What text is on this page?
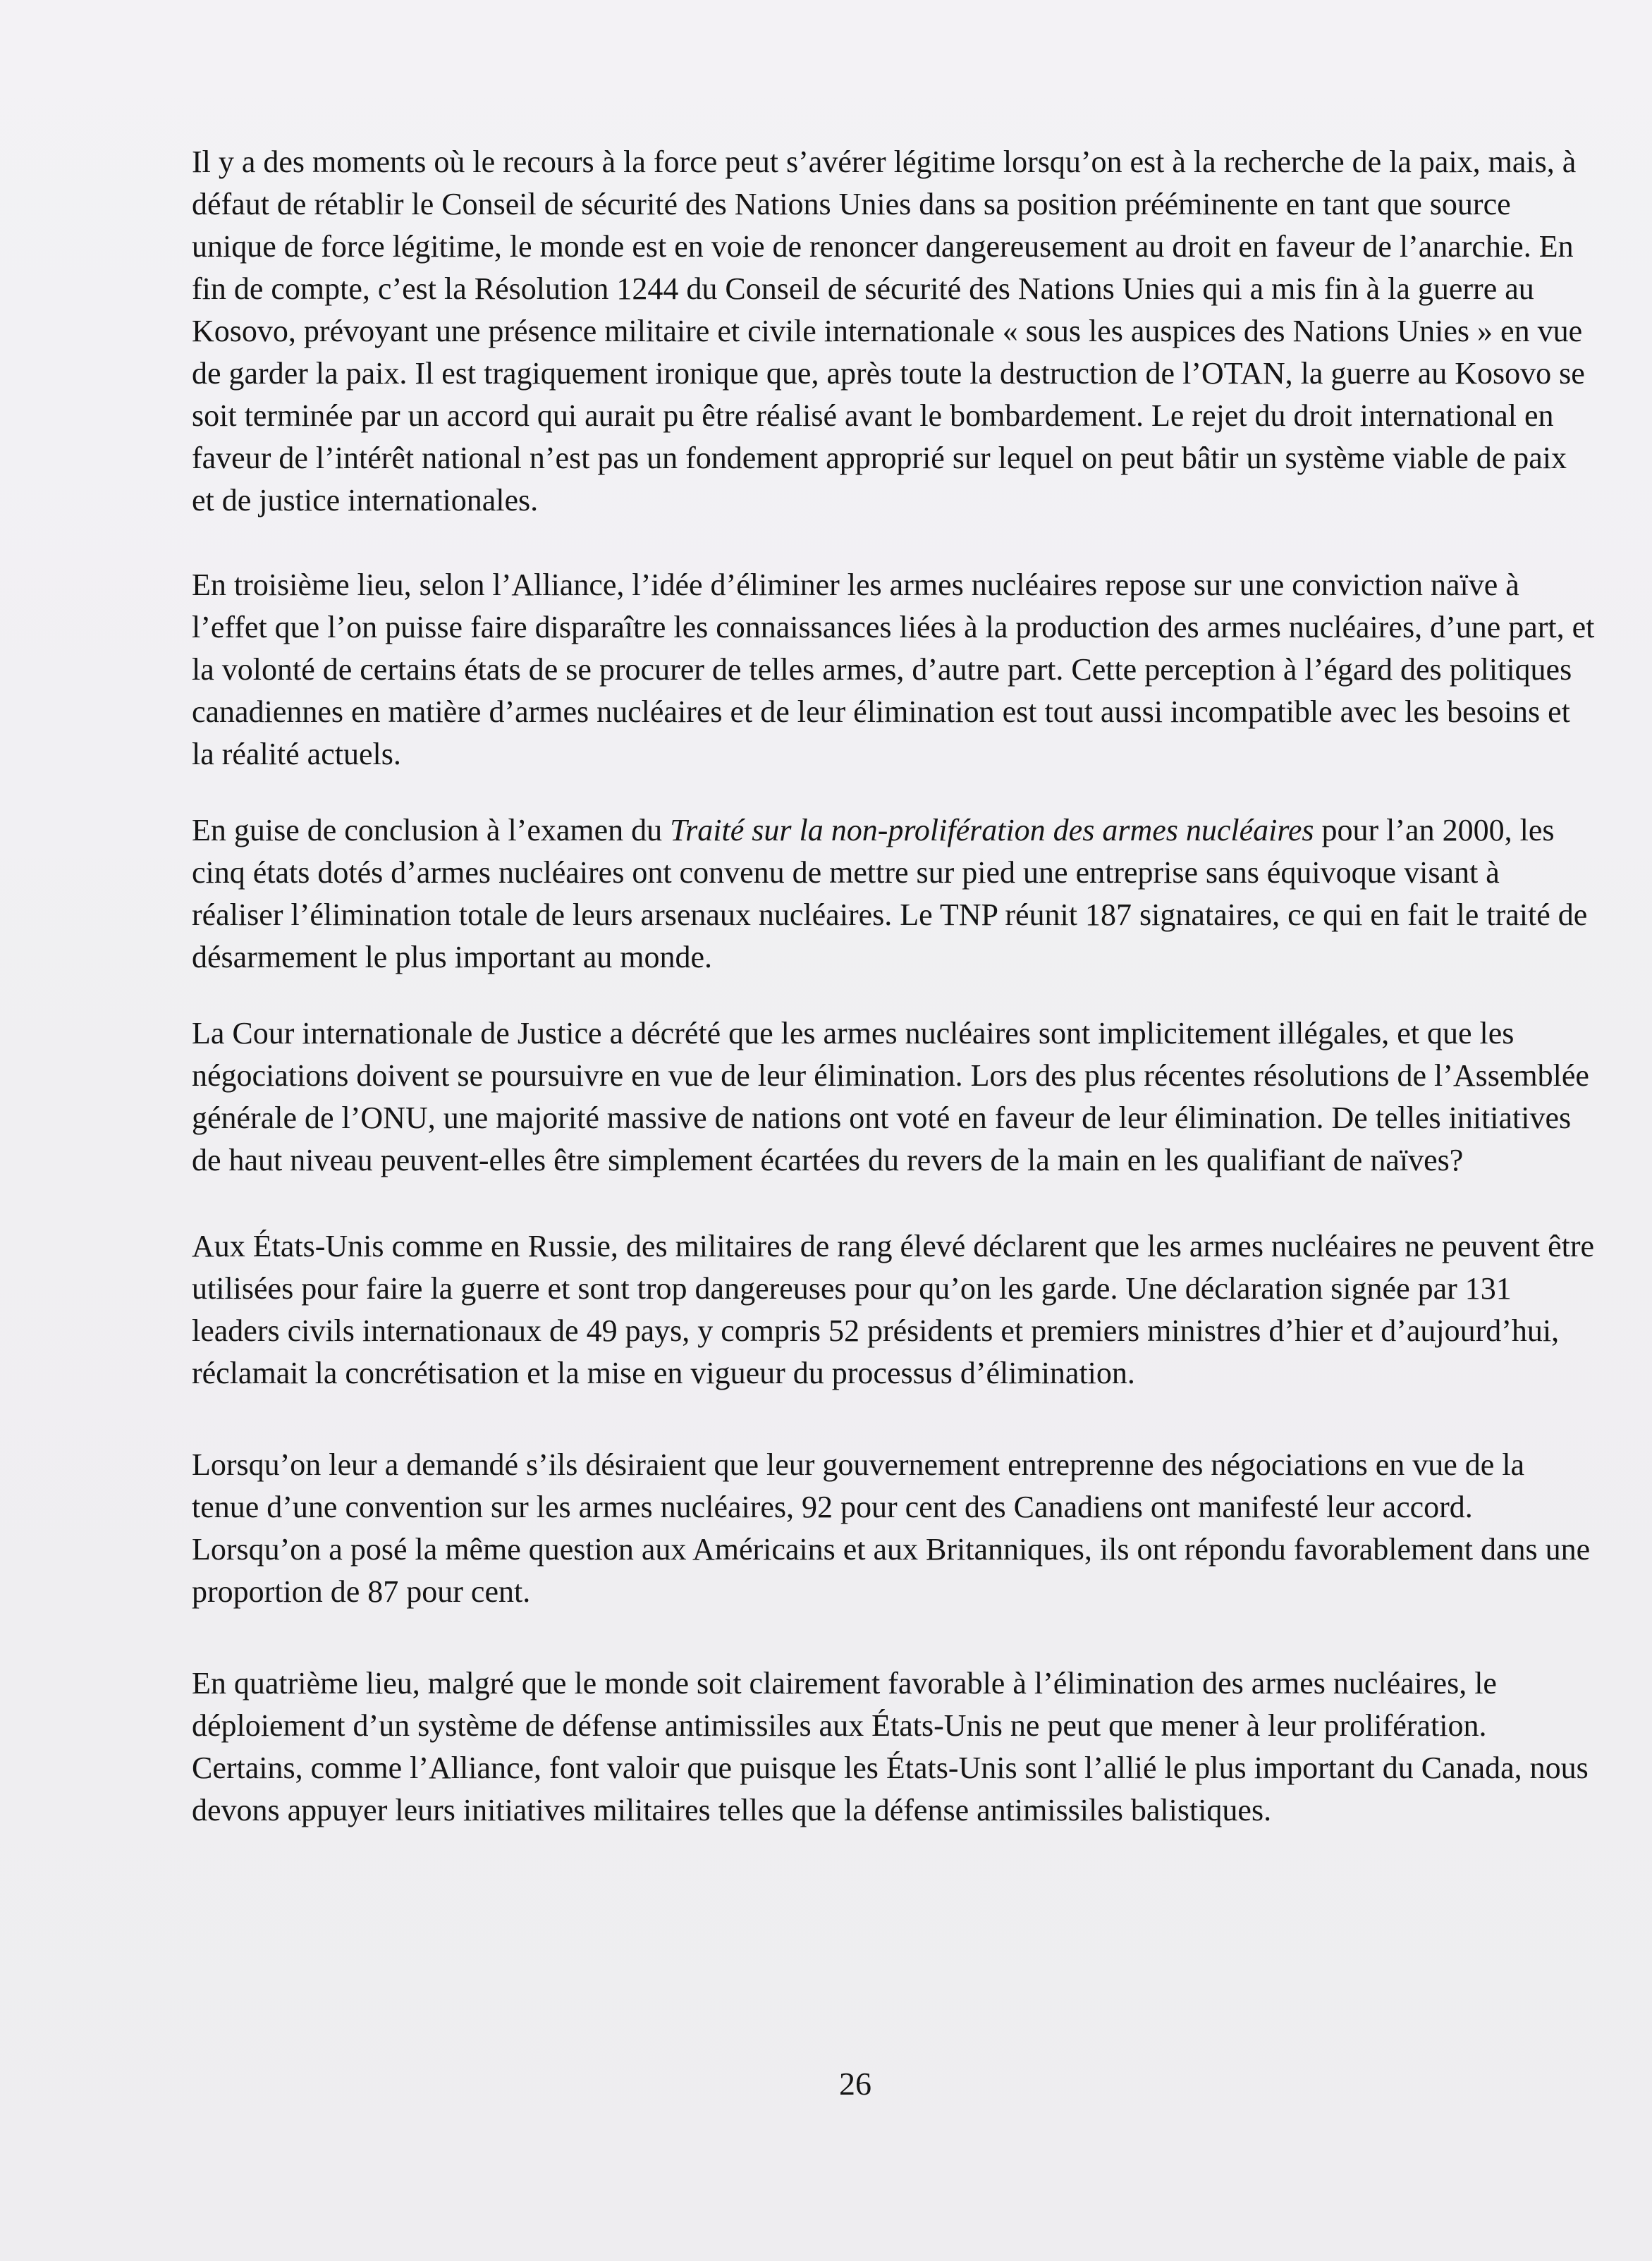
Il y a des moments où le recours à la force peut s’avérer légitime lorsqu’on est à la recherche de la paix, mais, à défaut de rétablir le Conseil de sécurité des Nations Unies dans sa position prééminente en tant que source unique de force légitime, le monde est en voie de renoncer dangereusement au droit en faveur de l’anarchie. En fin de compte, c’est la Résolution 1244 du Conseil de sécurité des Nations Unies qui a mis fin à la guerre au Kosovo, prévoyant une présence militaire et civile internationale « sous les auspices des Nations Unies » en vue de garder la paix. Il est tragiquement ironique que, après toute la destruction de l’OTAN, la guerre au Kosovo se soit terminée par un accord qui aurait pu être réalisé avant le bombardement. Le rejet du droit international en faveur de l’intérêt national n’est pas un fondement approprié sur lequel on peut bâtir un système viable de paix et de justice internationales.

En troisième lieu, selon l’Alliance, l’idée d’éliminer les armes nucléaires repose sur une conviction naïve à l’effet que l’on puisse faire disparaître les connaissances liées à la production des armes nucléaires, d’une part, et la volonté de certains états de se procurer de telles armes, d’autre part. Cette perception à l’égard des politiques canadiennes en matière d’armes nucléaires et de leur élimination est tout aussi incompatible avec les besoins et la réalité actuels.

En guise de conclusion à l’examen du Traité sur la non-prolifération des armes nucléaires pour l’an 2000, les cinq états dotés d’armes nucléaires ont convenu de mettre sur pied une entreprise sans équivoque visant à réaliser l’élimination totale de leurs arsenaux nucléaires. Le TNP réunit 187 signataires, ce qui en fait le traité de désarmement le plus important au monde.

La Cour internationale de Justice a décrété que les armes nucléaires sont implicitement illégales, et que les négociations doivent se poursuivre en vue de leur élimination. Lors des plus récentes résolutions de l’Assemblée générale de l’ONU, une majorité massive de nations ont voté en faveur de leur élimination. De telles initiatives de haut niveau peuvent-elles être simplement écartées du revers de la main en les qualifiant de naïves?

Aux États-Unis comme en Russie, des militaires de rang élevé déclarent que les armes nucléaires ne peuvent être utilisées pour faire la guerre et sont trop dangereuses pour qu’on les garde. Une déclaration signée par 131 leaders civils internationaux de 49 pays, y compris 52 présidents et premiers ministres d’hier et d’aujourd’hui, réclamait la concrétisation et la mise en vigueur du processus d’élimination.

Lorsqu’on leur a demandé s’ils désiraient que leur gouvernement entreprenne des négociations en vue de la tenue d’une convention sur les armes nucléaires, 92 pour cent des Canadiens ont manifesté leur accord. Lorsqu’on a posé la même question aux Américains et aux Britanniques, ils ont répondu favorablement dans une proportion de 87 pour cent.

En quatrième lieu, malgré que le monde soit clairement favorable à l’élimination des armes nucléaires, le déploiement d’un système de défense antimissiles aux États-Unis ne peut que mener à leur prolifération. Certains, comme l’Alliance, font valoir que puisque les États-Unis sont l’allié le plus important du Canada, nous devons appuyer leurs initiatives militaires telles que la défense antimissiles balistiques.

26
